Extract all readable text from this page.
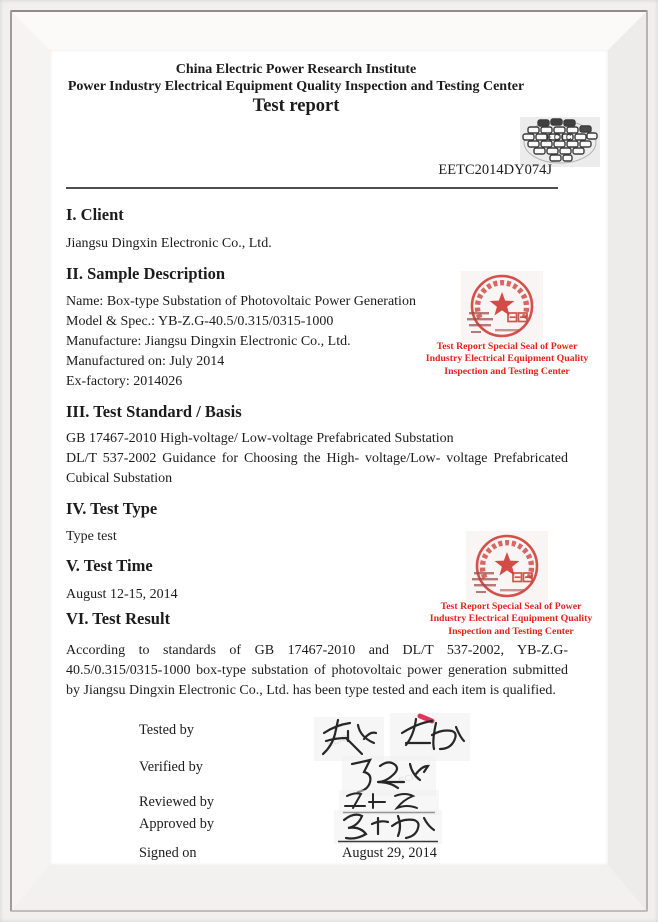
China Electric Power Research Institute
Power Industry Electrical Equipment Quality Inspection and Testing Center
Test report
ECIC
EETC2014DY074J
I. Client
Jiangsu Dingxin Electronic Co., Ltd.
II. Sample Description
Name: Box-type Substation of Photovoltaic Power Generation
Model & Spec.: YB-Z.G-40.5/0.315/0315-1000
Manufacture: Jiangsu Dingxin Electronic Co., Ltd.
Manufactured on: July 2014
Ex-factory: 2014026
III. Test Standard / Basis
GB 17467-2010 High-voltage/ Low-voltage Prefabricated Substation
DL/T 537-2002 Guidance for Choosing the High- voltage/Low- voltage Prefabricated Cubical Substation
IV. Test Type
Type test
V. Test Time
August 12-15, 2014
VI. Test Result
According to standards of GB 17467-2010 and DL/T 537-2002, YB-Z.G-40.5/0.315/0315-1000 box-type substation of photovoltaic power generation submitted by Jiangsu Dingxin Electronic Co., Ltd. has been type tested and each item is qualified.
Test Report Special Seal of Power
Industry Electrical Equipment Quality
Inspection and Testing Center
Test Report Special Seal of Power
Industry Electrical Equipment Quality
Inspection and Testing Center
Tested by
Verified by
Reviewed by
Approved by
Signed on	August 29, 2014
ECIC
ECIC
